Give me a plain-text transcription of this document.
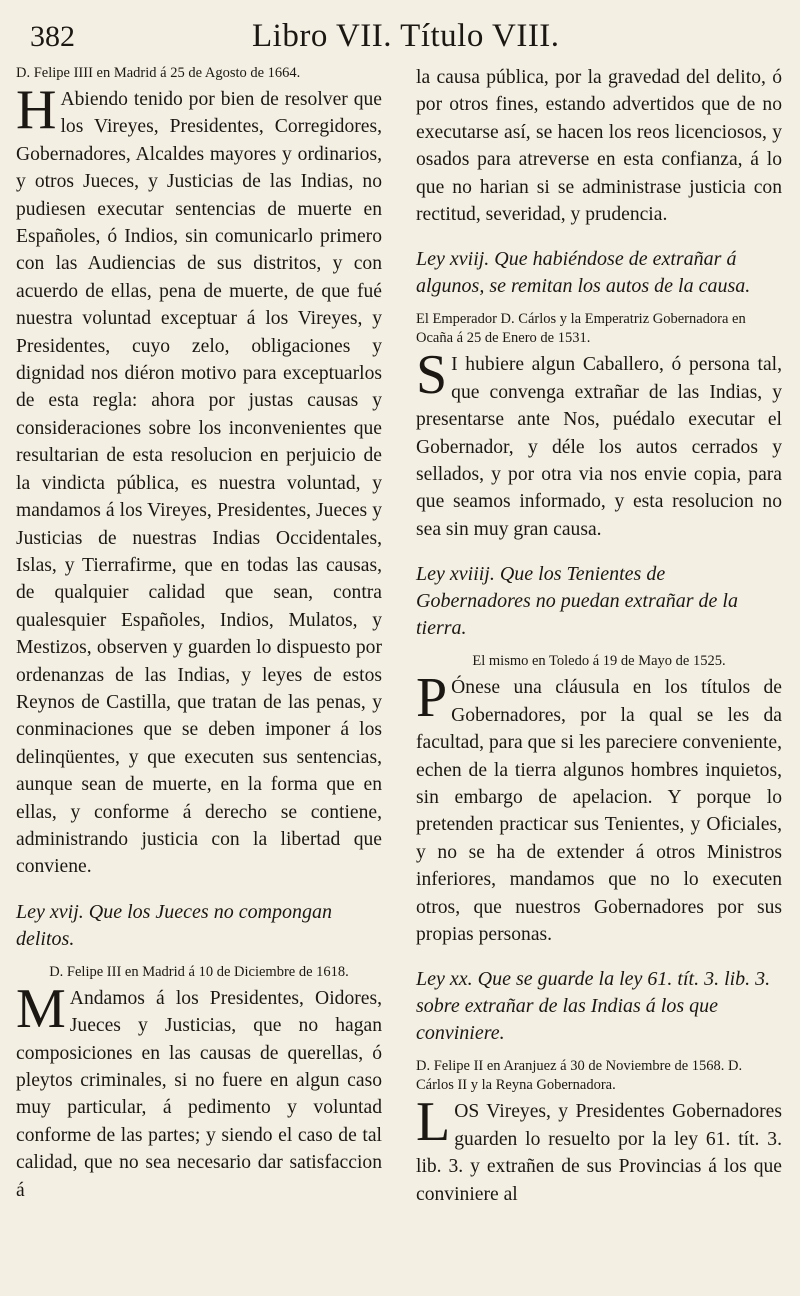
382	Libro VII. Título VIII.

D. Felipe IIII en Madrid á 25 de Agosto de 1664.

H Abiendo tenido por bien de resolver que los Vireyes, Presidentes, Corregidores, Gobernadores, Alcaldes mayores y ordinarios, y otros Jueces, y Justicias de las Indias, no pudiesen executar sentencias de muerte en Españoles, ó Indios, sin comunicarlo primero con las Audiencias de sus distritos, y con acuerdo de ellas, pena de muerte, de que fué nuestra voluntad exceptuar á los Vireyes, y Presidentes, cuyo zelo, obligaciones y dignidad nos diéron motivo para exceptuarlos de esta regla: ahora por justas causas y consideraciones sobre los inconvenientes que resultarian de esta resolucion en perjuicio de la vindicta pública, es nuestra voluntad, y mandamos á los Vireyes, Presidentes, Jueces y Justicias de nuestras Indias Occidentales, Islas, y Tierrafirme, que en todas las causas, de qualquier calidad que sean, contra qualesquier Españoles, Indios, Mulatos, y Mestizos, observen y guarden lo dispuesto por ordenanzas de las Indias, y leyes de estos Reynos de Castilla, que tratan de las penas, y conminaciones que se deben imponer á los delinqüentes, y que executen sus sentencias, aunque sean de muerte, en la forma que en ellas, y conforme á derecho se contiene, administrando justicia con la libertad que conviene.

Ley xvij. Que los Jueces no compongan delitos.

D. Felipe III en Madrid á 10 de Diciembre de 1618.

M Andamos á los Presidentes, Oidores, Jueces y Justicias, que no hagan composiciones en las causas de querellas, ó pleytos criminales, si no fuere en algun caso muy particular, á pedimento y voluntad conforme de las partes; y siendo el caso de tal calidad, que no sea necesario dar satisfaccion á

la causa pública, por la gravedad del delito, ó por otros fines, estando advertidos que de no executarse así, se hacen los reos licenciosos, y osados para atreverse en esta confianza, á lo que no harian si se administrase justicia con rectitud, severidad, y prudencia.

Ley xviij. Que habiéndose de extrañar á algunos, se remitan los autos de la causa.

El Emperador D. Cárlos y la Emperatriz Gobernadora en Ocaña á 25 de Enero de 1531.

S I hubiere algun Caballero, ó persona tal, que convenga extrañar de las Indias, y presentarse ante Nos, puédalo executar el Gobernador, y déle los autos cerrados y sellados, y por otra via nos envie copia, para que seamos informado, y esta resolucion no sea sin muy gran causa.

Ley xviiij. Que los Tenientes de Gobernadores no puedan extrañar de la tierra.

El mismo en Toledo á 19 de Mayo de 1525.

P Ónese una cláusula en los títulos de Gobernadores, por la qual se les da facultad, para que si les pareciere conveniente, echen de la tierra algunos hombres inquietos, sin embargo de apelacion. Y porque lo pretenden practicar sus Tenientes, y Oficiales, y no se ha de extender á otros Ministros inferiores, mandamos que no lo executen otros, que nuestros Gobernadores por sus propias personas.

Ley xx. Que se guarde la ley 61. tít. 3. lib. 3. sobre extrañar de las Indias á los que conviniere.

D. Felipe II en Aranjuez á 30 de Noviembre de 1568. D. Cárlos II y la Reyna Gobernadora.

LOS Vireyes, y Presidentes Gobernadores guarden lo resuelto por la ley 61. tít. 3. lib. 3. y extrañen de sus Provincias á los que conviniere al
